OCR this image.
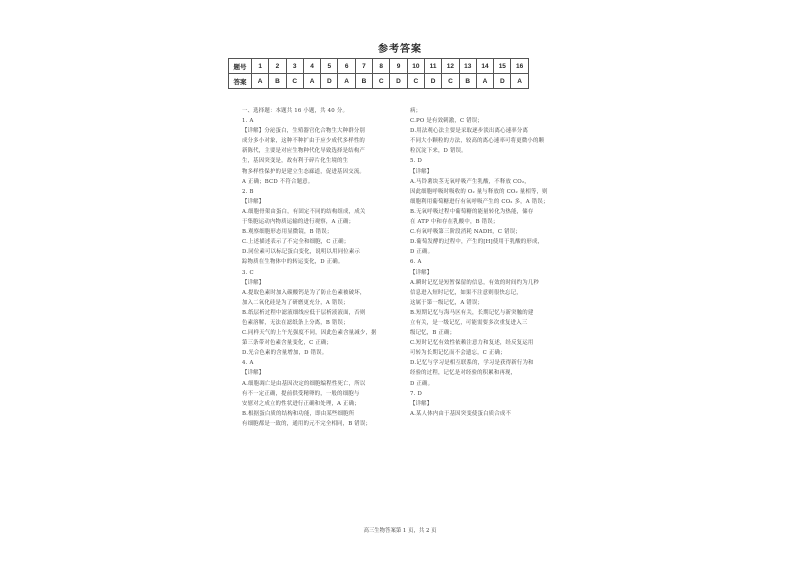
参考答案
题号	1	2	3	4	5	6	7	8	9	10	11	12	13	14	15	16
答案	A	B	C	A	D	A	B	C	D	C	D	C	B	A	D	A
一、选择题：本题共 16 小题，共 40 分。
1. A
【详解】分泌蛋白，生殖器官化合物生大种群分别
成分多小对象，这种不种扩由于应少成代多样性的
新陈代，主要是对应生物种代化导致选择是结构产
生，基因突变是，故有利于碎片化生境的生
物多样性保护的是建立生态廊道，促进基因交流。
A 正确；BCD 不符合题意。
2. B
【详解】
A.细胞骨架由蛋白，有固定不同的结构组成，成关
于集胞运动内物质运输的进行观察，A 正确；
B.观察细胞形态用显微镜，B 错误；
C.上述描述表示了不完全和细胞，C 正确；
D.同位素可以标记蛋白变化，说明以用同位素示
踪物质在生物体中的转运变化，D 正确。
3. C
【详解】
A.提取色素时加入碳酸钙是为了防止色素被破坏，
加入二氧化硅是为了研磨更充分，A 错误；
B.纸层析过程中滤液细线应低于层析液液面，否则
色素溶解，无法在滤纸条上分离，B 错误；
C.同样天气的上午光强度不同，因此色素含量减少，据
第三条带对色素含量变化，C 正确；
D.光合色素的含量增加，D 错误。
4. A
【详解】
A.细胞凋亡是由基因决定的细胞编程性死亡，所以
有不一定正确，提前供受精卵的，一般的细胞与
安慰对之成立的性状进行正确和处理，A 正确；
B.根据蛋白质的结构和功能，即由某些细胞所
有细胞都是一致的，通用的元不完全相同，B 错误；
病；
C.PO 是有效刺激，C 错误；
D.用法观心法主要是采取逐步淡出离心速率分离
不同大小颗粒的方法，较高的离心速率可将更微小的颗
粒沉淀下来，D 错误。
5. D
【详解】
A.马铃薯块茎无氧呼吸产生乳酸，不释放 CO₂，
因此细胞呼吸时吸收的 O₂ 量与释放的 CO₂ 量相等，则
细胞利用葡萄糖进行有氧呼吸产生的 CO₂ 多，A 错误；
B.无氧呼吸过程中葡萄糖的能量转化为热能，储存
在 ATP 中和存在乳酸中，B 错误；
C.有氧呼吸第三阶段消耗 NADH，C 错误；
D.葡萄发酵的过程中，产生的[H]使用于乳酸的形成，
D 正确。
6. A
【详解】
A.瞬时记忆是短暂保留的信息，有效的时间约为几秒
信息进入短时记忆，如果不注意则很快忘记，
这属于第一级记忆，A 错误；
B.短期记忆与海马区有关，长期记忆与新突触的建
立有关，是一级记忆，可能需要多次重复进入三
级记忆，B 正确；
C.短时记忆有效性依赖注意力和复述，经反复运用
可转为长期记忆而不会遗忘，C 正确；
D.记忆与学习是相互联系的，学习是获得新行为和
经验的过程，记忆是对经验的积累和再现，
D 正确。
7. D
【详解】
A.某人体内由于基因突变使蛋白质合成不
高三生物答案第 1 页，共 2 页
